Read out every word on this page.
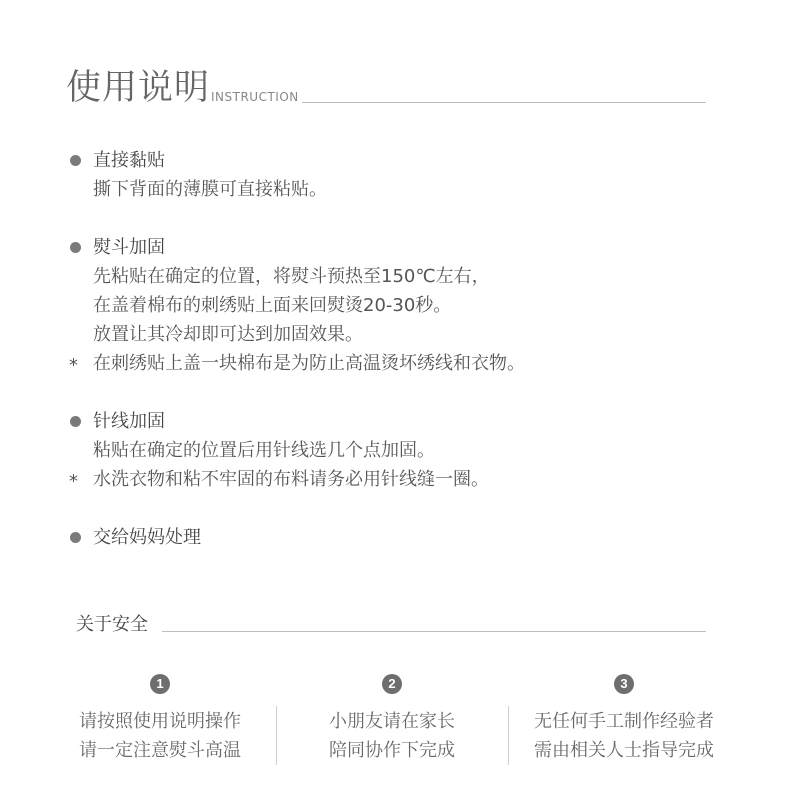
使用说明 INSTRUCTION
直接黏贴
撕下背面的薄膜可直接粘贴。
熨斗加固
先粘贴在确定的位置，将熨斗预热至150℃左右，
在盖着棉布的刺绣贴上面来回熨烫20-30秒。
放置让其冷却即可达到加固效果。
* 在刺绣贴上盖一块棉布是为防止高温烫坏绣线和衣物。
针线加固
粘贴在确定的位置后用针线选几个点加固。
* 水洗衣物和粘不牢固的布料请务必用针线缝一圈。
交给妈妈处理
关于安全
1
请按照使用说明操作
请一定注意熨斗高温
2
小朋友请在家长
陪同协作下完成
3
无任何手工制作经验者
需由相关人士指导完成
